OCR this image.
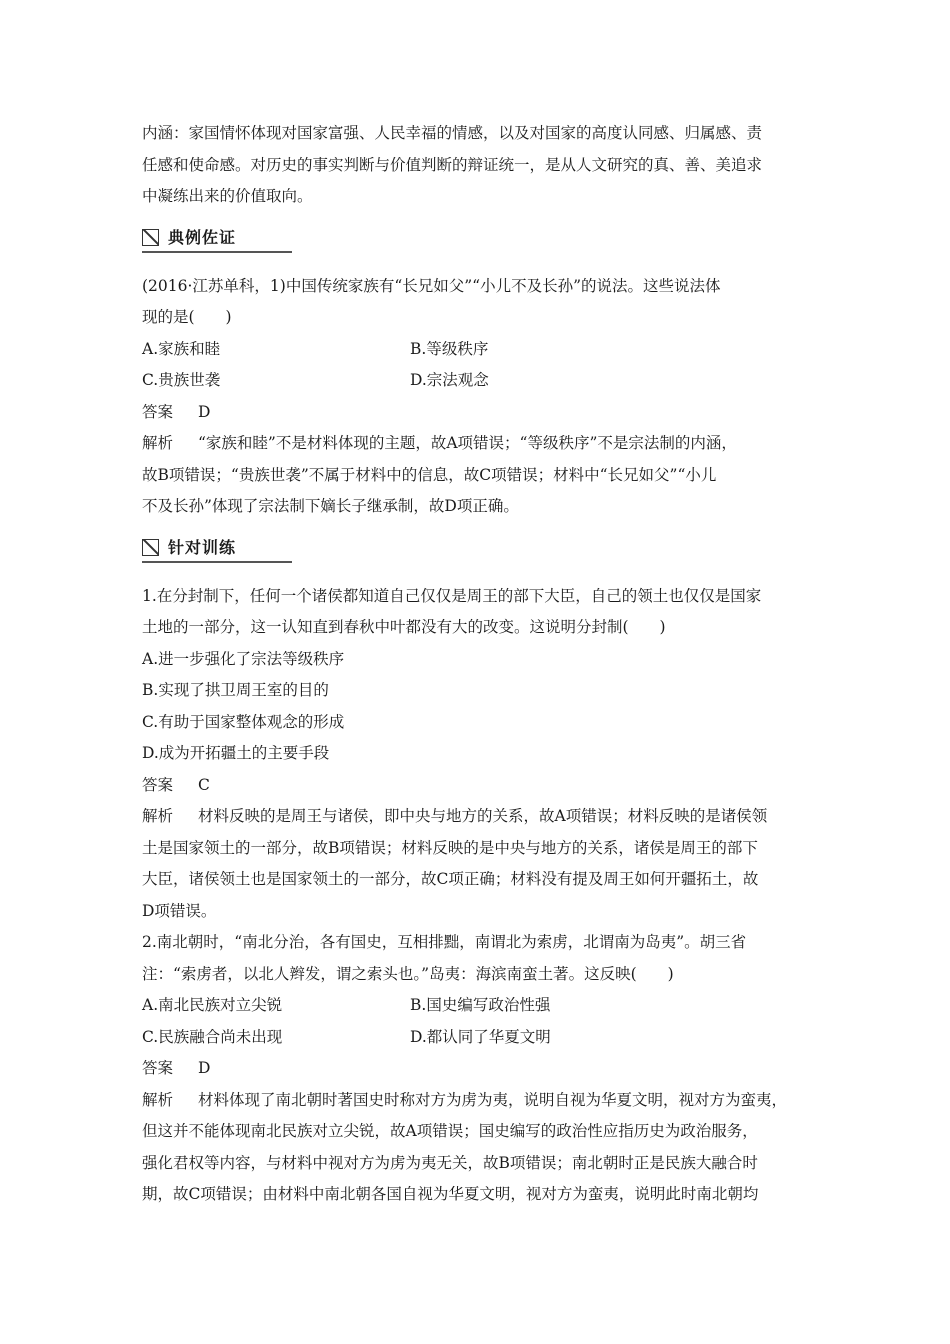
内涵：家国情怀体现对国家富强、人民幸福的情感，以及对国家的高度认同感、归属感、责

任感和使命感。对历史的事实判断与价值判断的辩证统一，是从人文研究的真、善、美追求

中凝练出来的价值取向。

典例佐证

(2016·江苏单科，1)中国传统家族有“长兄如父”“小儿不及长孙”的说法。这些说法体

现的是(　　)

A.家族和睦	B.等级秩序
C.贵族世袭	D.宗法观念

答案 D

解析 “家族和睦”不是材料体现的主题，故A项错误；“等级秩序”不是宗法制的内涵，

故B项错误；“贵族世袭”不属于材料中的信息，故C项错误；材料中“长兄如父”“小儿

不及长孙”体现了宗法制下嫡长子继承制，故D项正确。

针对训练

1.在分封制下，任何一个诸侯都知道自己仅仅是周王的部下大臣，自己的领土也仅仅是国家

土地的一部分，这一认知直到春秋中叶都没有大的改变。这说明分封制(　　)

A.进一步强化了宗法等级秩序

B.实现了拱卫周王室的目的

C.有助于国家整体观念的形成

D.成为开拓疆土的主要手段

答案 C

解析 材料反映的是周王与诸侯，即中央与地方的关系，故A项错误；材料反映的是诸侯领

土是国家领土的一部分，故B项错误；材料反映的是中央与地方的关系，诸侯是周王的部下

大臣，诸侯领土也是国家领土的一部分，故C项正确；材料没有提及周王如何开疆拓土，故

D项错误。

2.南北朝时，“南北分治，各有国史，互相排黜，南谓北为索虏，北谓南为岛夷”。胡三省

注：“索虏者，以北人辫发，谓之索头也。”岛夷：海滨南蛮土著。这反映(　　)

A.南北民族对立尖锐	B.国史编写政治性强
C.民族融合尚未出现	D.都认同了华夏文明

答案 D

解析 材料体现了南北朝时著国史时称对方为虏为夷，说明自视为华夏文明，视对方为蛮夷，

但这并不能体现南北民族对立尖锐，故A项错误；国史编写的政治性应指历史为政治服务，

强化君权等内容，与材料中视对方为虏为夷无关，故B项错误；南北朝时正是民族大融合时

期，故C项错误；由材料中南北朝各国自视为华夏文明，视对方为蛮夷，说明此时南北朝均
